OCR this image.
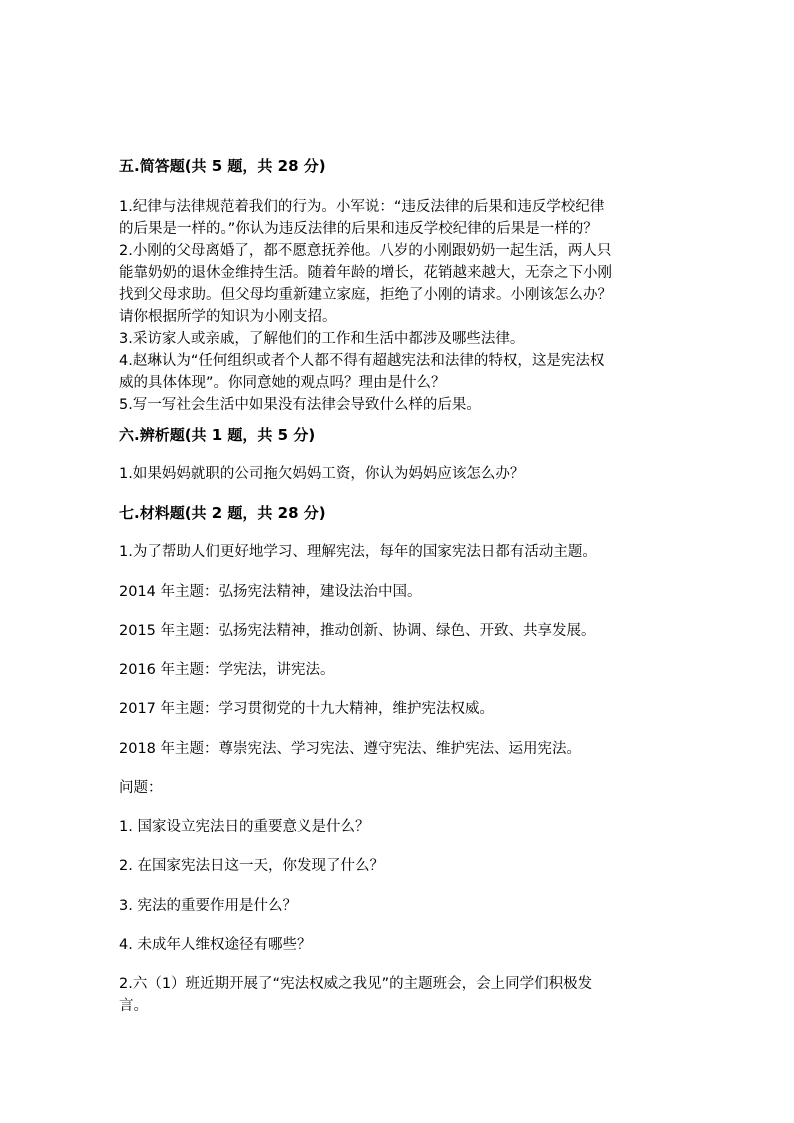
五.简答题(共 5 题，共 28 分)
1.纪律与法律规范着我们的行为。小军说：“违反法律的后果和违反学校纪律
的后果是一样的。”你认为违反法律的后果和违反学校纪律的后果是一样的？
2.小刚的父母离婚了，都不愿意抚养他。八岁的小刚跟奶奶一起生活，两人只
能靠奶奶的退休金维持生活。随着年龄的增长，花销越来越大，无奈之下小刚
找到父母求助。但父母均重新建立家庭，拒绝了小刚的请求。小刚该怎么办？
请你根据所学的知识为小刚支招。
3.采访家人或亲戚，了解他们的工作和生活中都涉及哪些法律。
4.赵琳认为“任何组织或者个人都不得有超越宪法和法律的特权，这是宪法权
威的具体体现”。你同意她的观点吗？理由是什么？
5.写一写社会生活中如果没有法律会导致什么样的后果。
六.辨析题(共 1 题，共 5 分)
1.如果妈妈就职的公司拖欠妈妈工资，你认为妈妈应该怎么办？
七.材料题(共 2 题，共 28 分)
1.为了帮助人们更好地学习、理解宪法，每年的国家宪法日都有活动主题。
2014 年主题：弘扬宪法精神，建设法治中国。
2015 年主题：弘扬宪法精神，推动创新、协调、绿色、开致、共享发展。
2016 年主题：学宪法，讲宪法。
2017 年主题：学习贯彻党的十九大精神，维护宪法权威。
2018 年主题：尊崇宪法、学习宪法、遵守宪法、维护宪法、运用宪法。
问题：
1. 国家设立宪法日的重要意义是什么？
2. 在国家宪法日这一天，你发现了什么？
3. 宪法的重要作用是什么？
4. 未成年人维权途径有哪些？
2.六（1）班近期开展了“宪法权威之我见”的主题班会，会上同学们积极发
言。
